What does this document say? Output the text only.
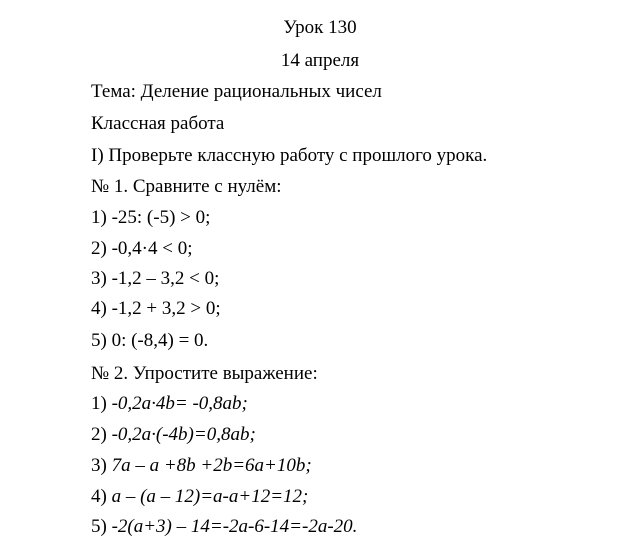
Урок 130
14 апреля
Тема: Деление рациональных чисел
Классная работа
I) Проверьте классную работу с прошлого урока.
№ 1. Сравните с нулём:
1) -25: (-5) > 0;
2) -0,4·4 < 0;
3) -1,2 – 3,2 < 0;
4) -1,2 + 3,2 > 0;
5) 0: (-8,4) = 0.
№ 2. Упростите выражение:
1) -0,2a·4b= -0,8ab;
2) -0,2a·(-4b)=0,8ab;
3) 7a – a +8b +2b=6a+10b;
4) a – (a – 12)=a-a+12=12;
5) -2(a+3) – 14=-2a-6-14=-2a-20.
